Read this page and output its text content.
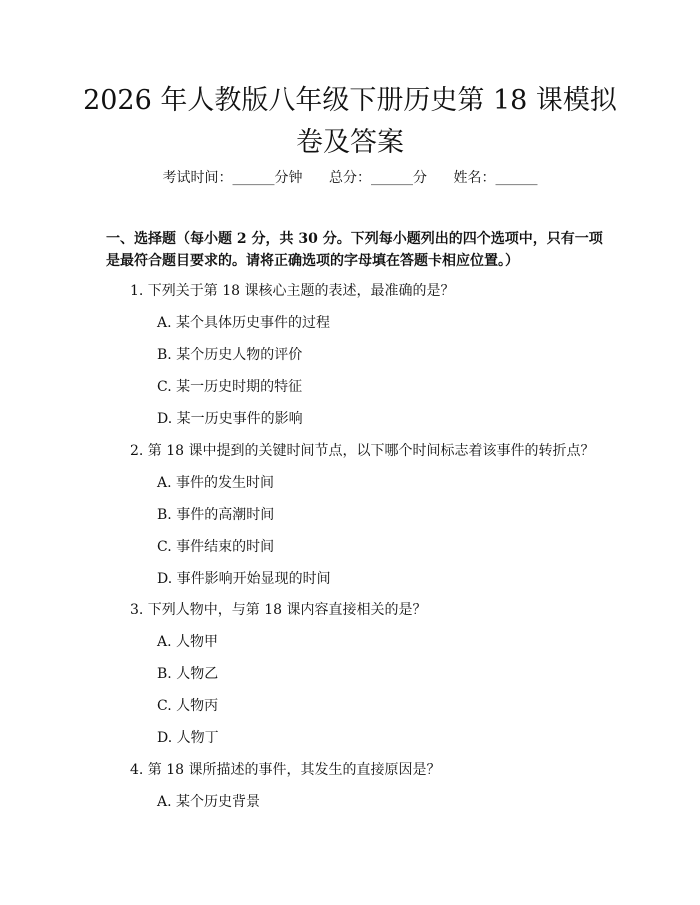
2026 年人教版八年级下册历史第 18 课模拟卷及答案
考试时间：______分钟 总分：______分 姓名：______
一、选择题（每小题 2 分，共 30 分。下列每小题列出的四个选项中，只有一项是最符合题目要求的。请将正确选项的字母填在答题卡相应位置。）
1. 下列关于第 18 课核心主题的表述，最准确的是？
A. 某个具体历史事件的过程
B. 某个历史人物的评价
C. 某一历史时期的特征
D. 某一历史事件的影响
2. 第 18 课中提到的关键时间节点，以下哪个时间标志着该事件的转折点？
A. 事件的发生时间
B. 事件的高潮时间
C. 事件结束的时间
D. 事件影响开始显现的时间
3. 下列人物中，与第 18 课内容直接相关的是？
A. 人物甲
B. 人物乙
C. 人物丙
D. 人物丁
4. 第 18 课所描述的事件，其发生的直接原因是？
A. 某个历史背景
